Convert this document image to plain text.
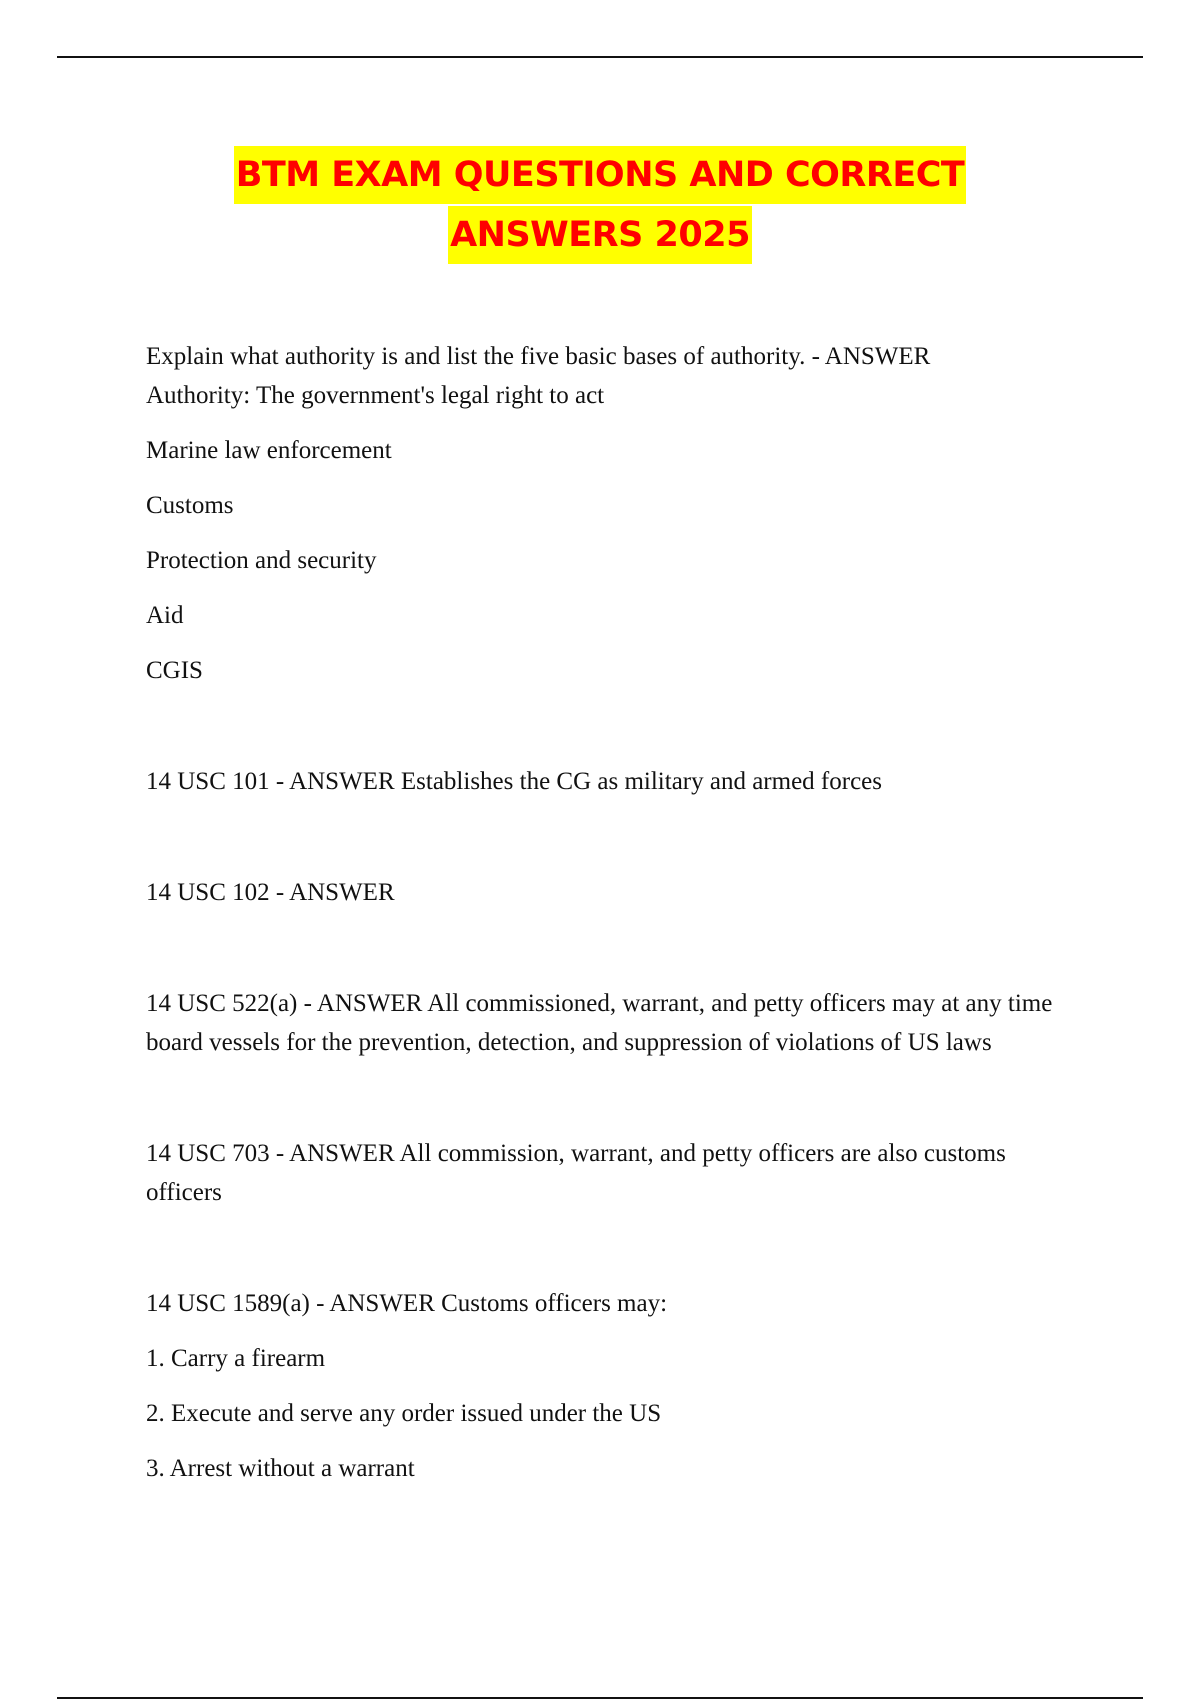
BTM EXAM QUESTIONS AND CORRECT
ANSWERS 2025

Explain what authority is and list the five basic bases of authority. - ANSWER

Authority: The government's legal right to act

Marine law enforcement

Customs

Protection and security

Aid

CGIS

14 USC 101 - ANSWER Establishes the CG as military and armed forces

14 USC 102 - ANSWER

14 USC 522(a) - ANSWER All commissioned, warrant, and petty officers may at any time board vessels for the prevention, detection, and suppression of violations of US laws

14 USC 703 - ANSWER All commission, warrant, and petty officers are also customs officers

14 USC 1589(a) - ANSWER Customs officers may:

1. Carry a firearm

2. Execute and serve any order issued under the US

3. Arrest without a warrant
